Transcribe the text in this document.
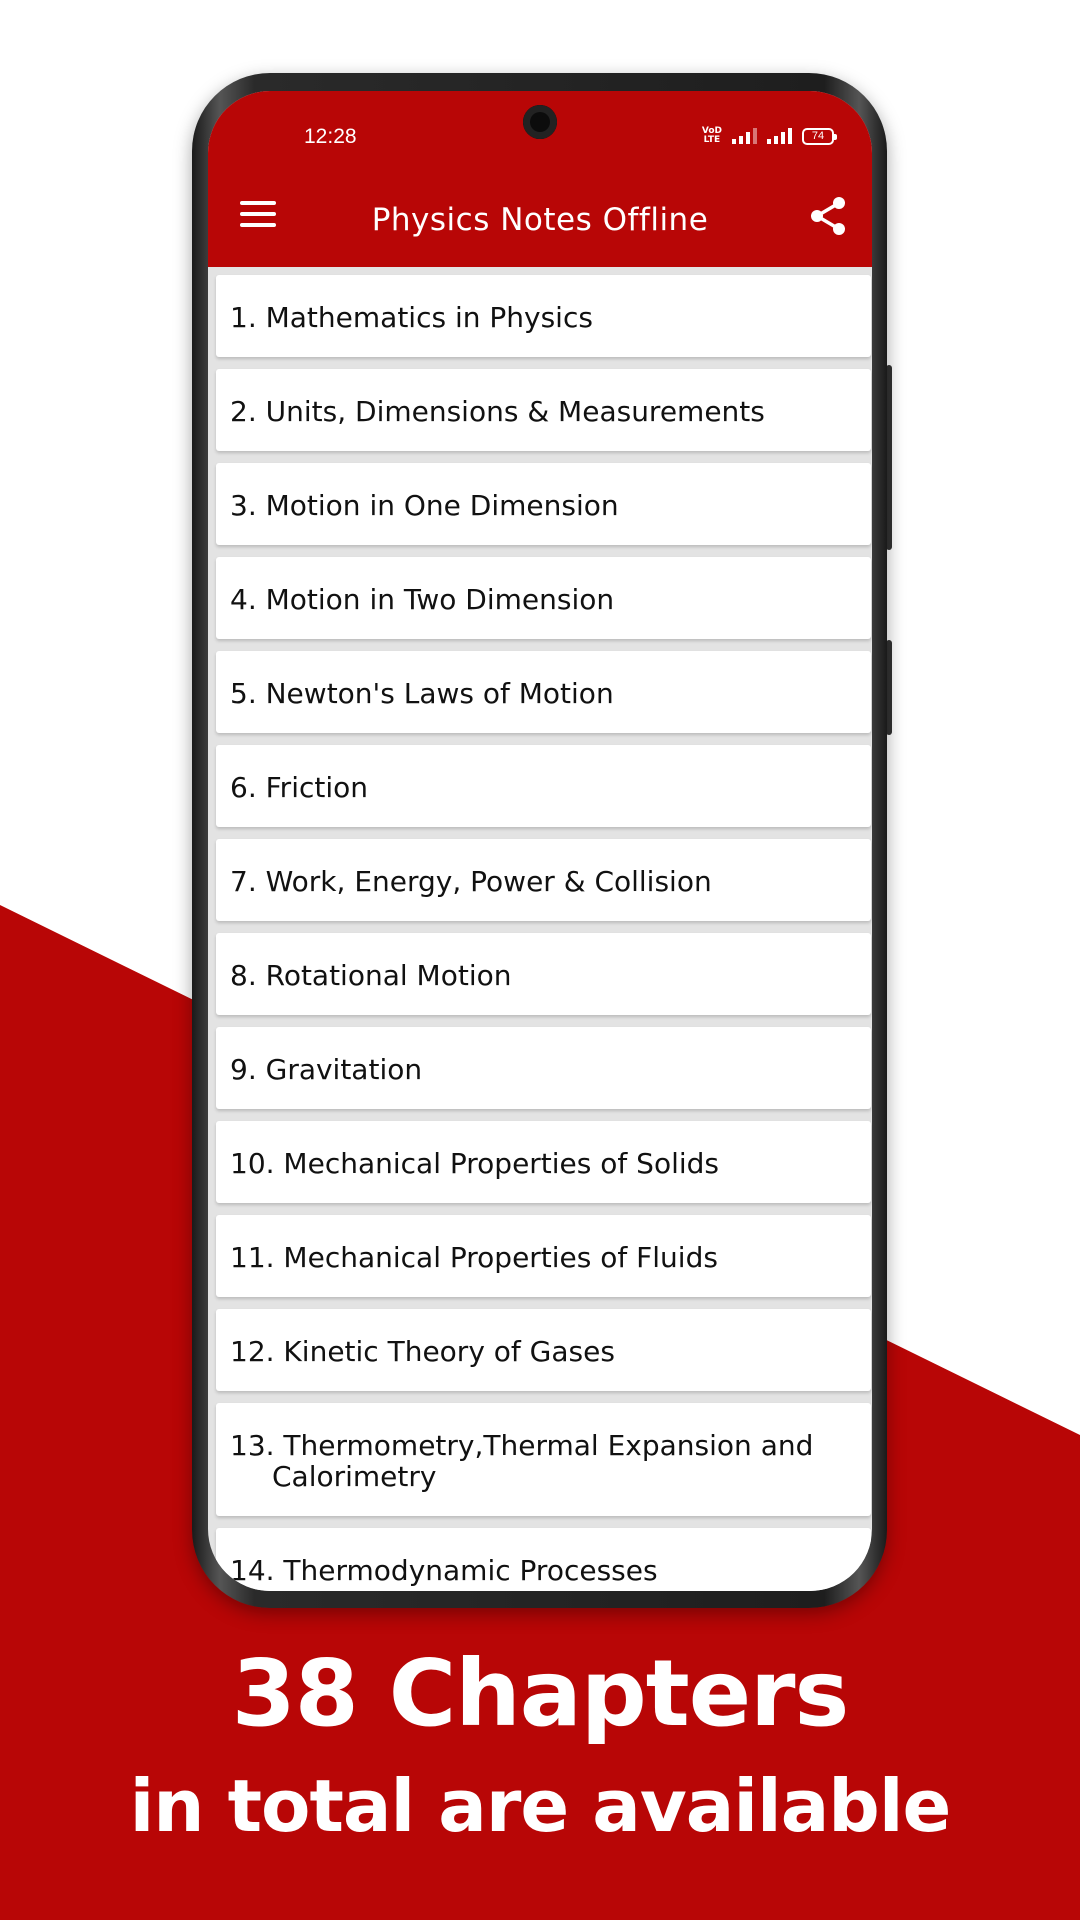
12:28	VoD
LTE	74
Physics Notes Offline
1. Mathematics in Physics
2. Units, Dimensions & Measurements
3. Motion in One Dimension
4. Motion in Two Dimension
5. Newton's Laws of Motion
6. Friction
7. Work, Energy, Power & Collision
8. Rotational Motion
9. Gravitation
10. Mechanical Properties of Solids
11. Mechanical Properties of Fluids
12. Kinetic Theory of Gases
13. Thermometry,Thermal Expansion and Calorimetry
14. Thermodynamic Processes
38 Chapters
in total are available
